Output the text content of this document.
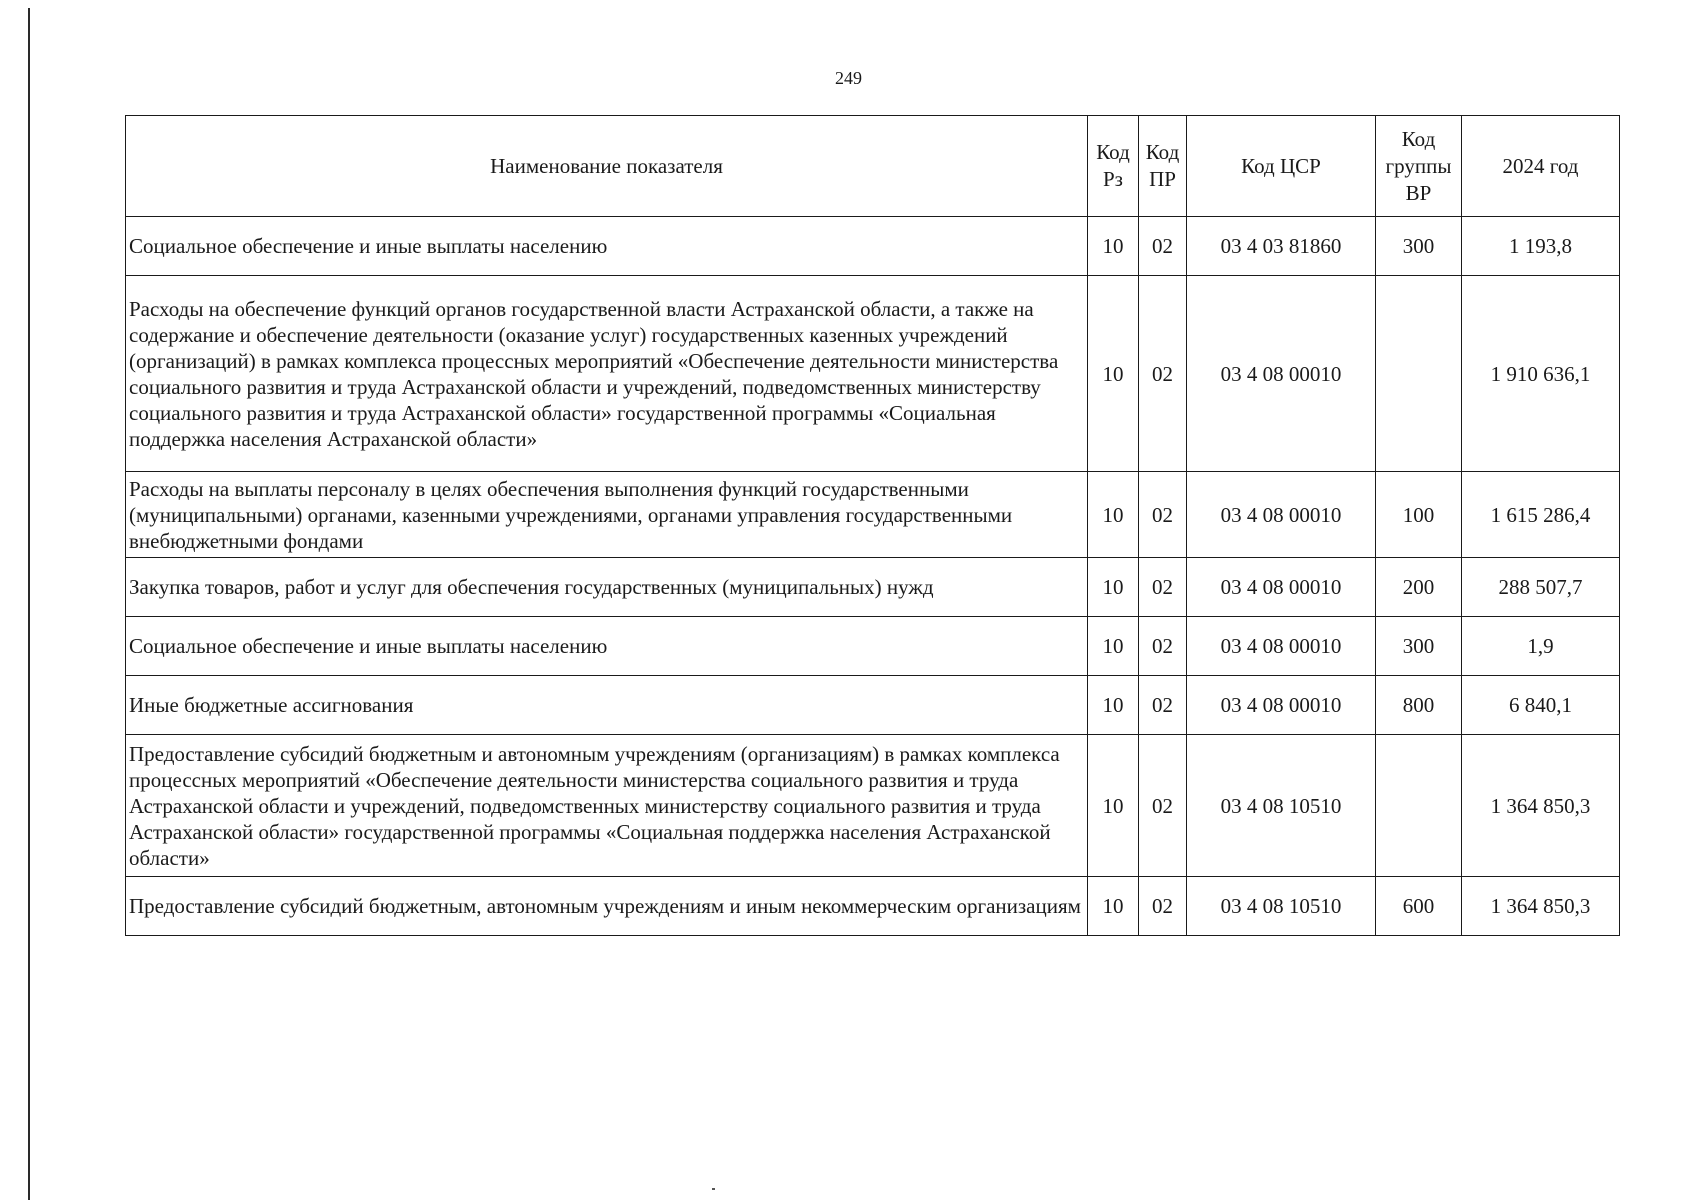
249
Наименование показателя	Код Рз	Код ПР	Код ЦСР	Код группы ВР	2024 год
Социальное обеспечение и иные выплаты населению	10	02	03 4 03 81860	300	1 193,8
Расходы на обеспечение функций органов государственной власти Астраханской области, а также на содержание и обеспечение деятельности (оказание услуг) государственных казенных учреждений (организаций) в рамках комплекса процессных мероприятий «Обеспечение деятельности министерства социального развития и труда Астраханской области и учреждений, подведомственных министерству социального развития и труда Астраханской области» государственной программы «Социальная поддержка населения Астраханской области»	10	02	03 4 08 00010		1 910 636,1
Расходы на выплаты персоналу в целях обеспечения выполнения функций государственными (муниципальными) органами, казенными учреждениями, органами управления государственными внебюджетными фондами	10	02	03 4 08 00010	100	1 615 286,4
Закупка товаров, работ и услуг для обеспечения государственных (муниципальных) нужд	10	02	03 4 08 00010	200	288 507,7
Социальное обеспечение и иные выплаты населению	10	02	03 4 08 00010	300	1,9
Иные бюджетные ассигнования	10	02	03 4 08 00010	800	6 840,1
Предоставление субсидий бюджетным и автономным учреждениям (организациям) в рамках комплекса процессных мероприятий «Обеспечение деятельности министерства социального развития и труда Астраханской области и учреждений, подведомственных министерству социального развития и труда Астраханской области» государственной программы «Социальная поддержка населения Астраханской области»	10	02	03 4 08 10510		1 364 850,3
Предоставление субсидий бюджетным, автономным учреждениям и иным некоммерческим организациям	10	02	03 4 08 10510	600	1 364 850,3
